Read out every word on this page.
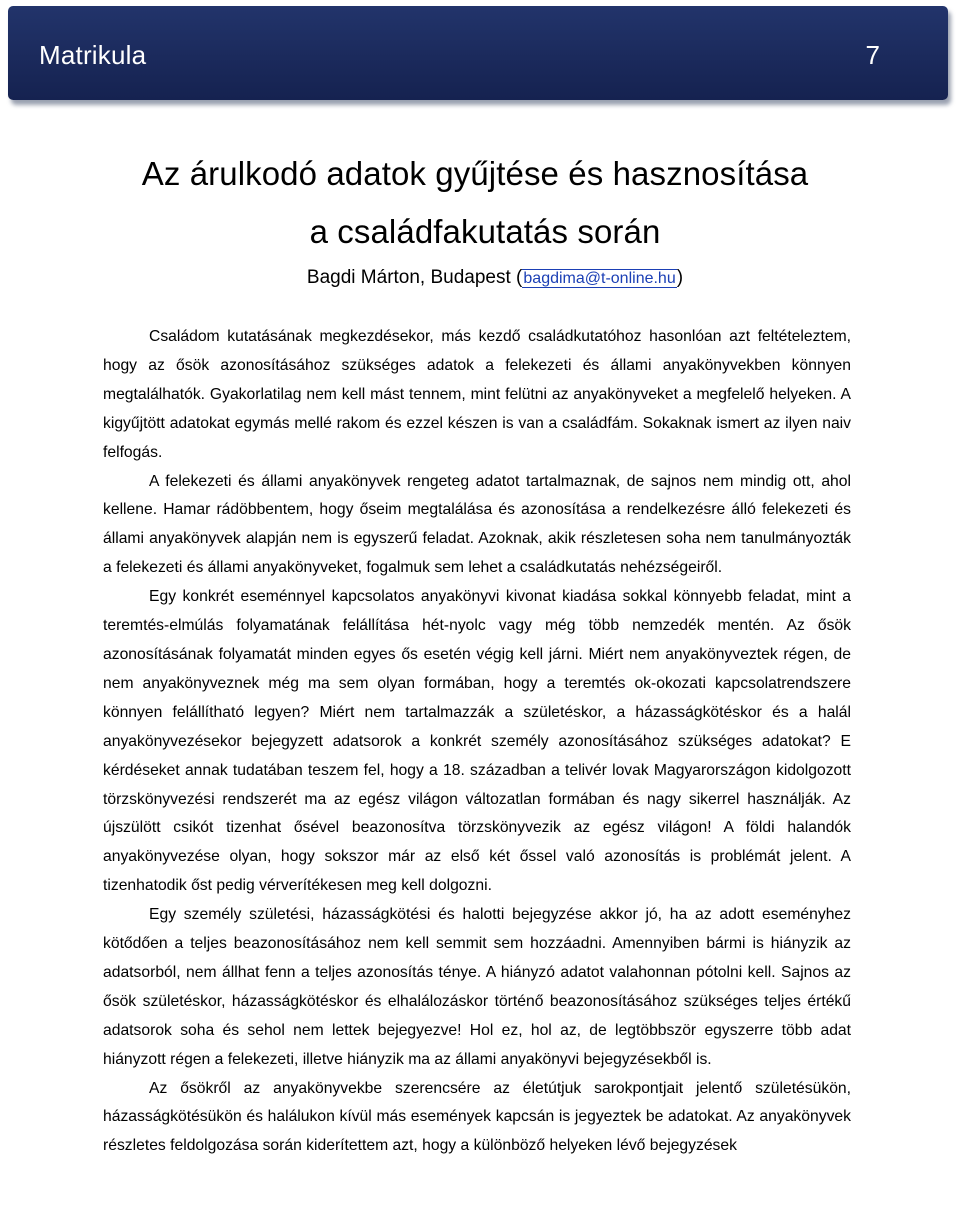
Matrikula	7
Az árulkodó adatok gyűjtése és hasznosítása
a családfakutatás során
Bagdi Márton, Budapest (bagdima@t-online.hu)

Családom kutatásának megkezdésekor, más kezdő családkutatóhoz hasonlóan azt feltételeztem, hogy az ősök azonosításához szükséges adatok a felekezeti és állami anyakönyvekben könnyen megtalálhatók. Gyakorlatilag nem kell mást tennem, mint felütni az anyakönyveket a megfelelő helyeken. A kigyűjtött adatokat egymás mellé rakom és ezzel készen is van a családfám. Sokaknak ismert az ilyen naiv felfogás.

A felekezeti és állami anyakönyvek rengeteg adatot tartalmaznak, de sajnos nem mindig ott, ahol kellene. Hamar rádöbbentem, hogy őseim megtalálása és azonosítása a rendelkezésre álló felekezeti és állami anyakönyvek alapján nem is egyszerű feladat. Azoknak, akik részletesen soha nem tanulmányozták a felekezeti és állami anyakönyveket, fogalmuk sem lehet a családkutatás nehézségeiről.

Egy konkrét eseménnyel kapcsolatos anyakönyvi kivonat kiadása sokkal könnyebb feladat, mint a teremtés-elmúlás folyamatának felállítása hét-nyolc vagy még több nemzedék mentén. Az ősök azonosításának folyamatát minden egyes ős esetén végig kell járni. Miért nem anyakönyveztek régen, de nem anyakönyveznek még ma sem olyan formában, hogy a teremtés ok-okozati kapcsolatrendszere könnyen felállítható legyen? Miért nem tartalmazzák a születéskor, a házasságkötéskor és a halál anyakönyvezésekor bejegyzett adatsorok a konkrét személy azonosításához szükséges adatokat? E kérdéseket annak tudatában teszem fel, hogy a 18. században a telivér lovak Magyarországon kidolgozott törzskönyvezési rendszerét ma az egész világon változatlan formában és nagy sikerrel használják. Az újszülött csikót tizenhat ősével beazonosítva törzskönyvezik az egész világon! A földi halandók anyakönyvezése olyan, hogy sokszor már az első két őssel való azonosítás is problémát jelent. A tizenhatodik őst pedig vérverítékesen meg kell dolgozni.

Egy személy születési, házasságkötési és halotti bejegyzése akkor jó, ha az adott eseményhez kötődően a teljes beazonosításához nem kell semmit sem hozzáadni. Amennyiben bármi is hiányzik az adatsorból, nem állhat fenn a teljes azonosítás ténye. A hiányzó adatot valahonnan pótolni kell. Sajnos az ősök születéskor, házasságkötéskor és elhalálozáskor történő beazonosításához szükséges teljes értékű adatsorok soha és sehol nem lettek bejegyezve! Hol ez, hol az, de legtöbbször egyszerre több adat hiányzott régen a felekezeti, illetve hiányzik ma az állami anyakönyvi bejegyzésekből is.

Az ősökről az anyakönyvekbe szerencsére az életútjuk sarokpontjait jelentő születésükön, házasságkötésükön és halálukon kívül más események kapcsán is jegyeztek be adatokat. Az anyakönyvek részletes feldolgozása során kiderítettem azt, hogy a különböző helyeken lévő bejegyzések
